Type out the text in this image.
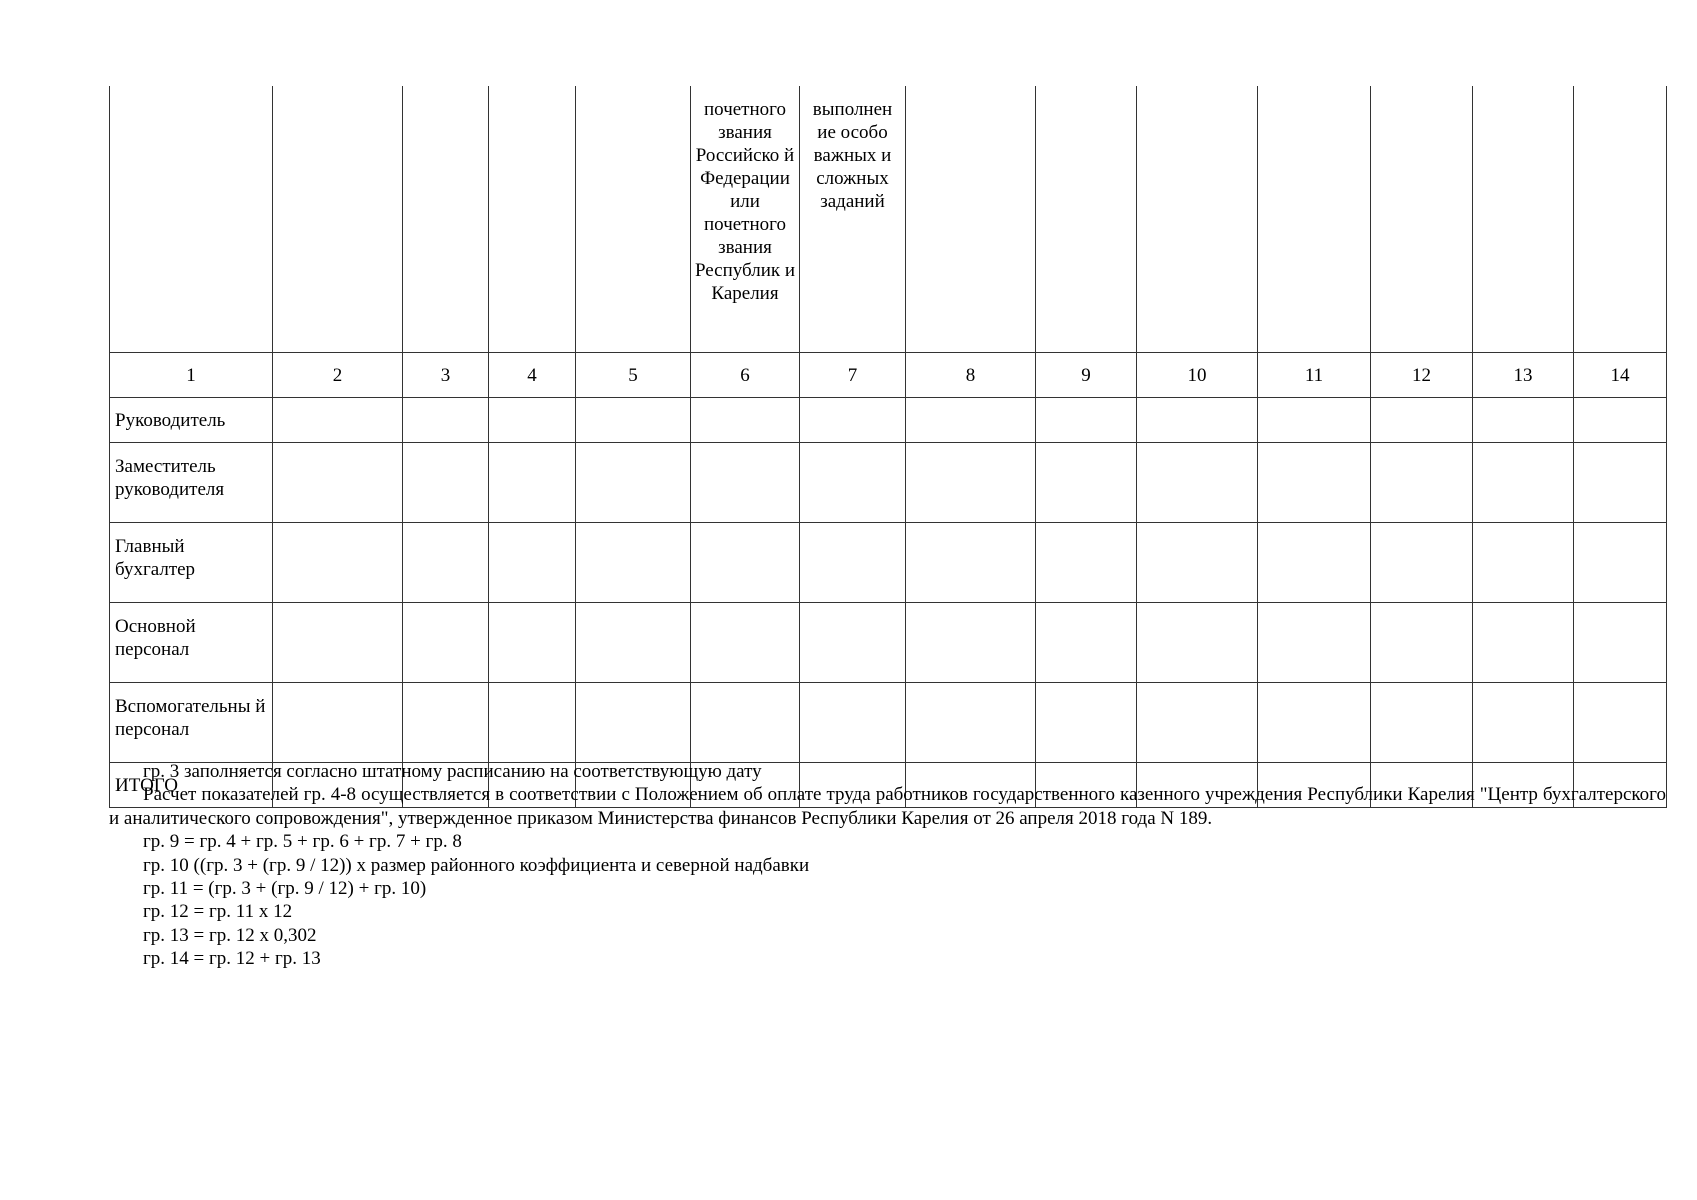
					почетного звания Российско й Федерации или почетного звания Республик и Карелия	выполнен ие особо важных и сложных заданий							
1	2	3	4	5	6	7	8	9	10	11	12	13	14
Руководитель													
Заместитель руководителя													
Главный бухгалтер													
Основной персонал													
Вспомогательны й персонал													
ИТОГО													

гр. 3 заполняется согласно штатному расписанию на соответствующую дату

Расчет показателей гр. 4-8 осуществляется в соответствии с Положением об оплате труда работников государственного казенного учреждения Республики Карелия "Центр бухгалтерского и аналитического сопровождения", утвержденное приказом Министерства финансов Республики Карелия от 26 апреля 2018 года N 189.

гр. 9 = гр. 4 + гр. 5 + гр. 6 + гр. 7 + гр. 8

гр. 10 ((гр. 3 + (гр. 9 / 12)) x размер районного коэффициента и северной надбавки

гр. 11 = (гр. 3 + (гр. 9 / 12) + гр. 10)

гр. 12 = гр. 11 x 12

гр. 13 = гр. 12 x 0,302

гр. 14 = гр. 12 + гр. 13
